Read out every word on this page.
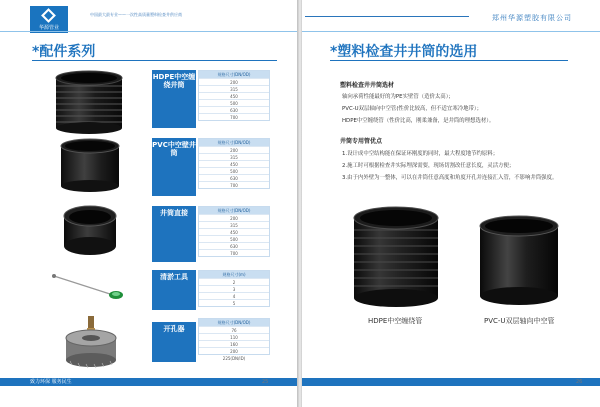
华源管业
中国最大最专业——一次性高质量塑料检查井供应商
*配件系列
HDPE中空缠绕井筒
规格尺寸(DN/OD)
200
315
450
500
630
700
PVC中空壁井筒
规格尺寸(DN/OD)
200
315
450
500
630
700
井筒直接	规格尺寸(DN/OD)
200
315
450
500
630
700
清淤工具	规格尺寸(m)
2
3
4
5
开孔器
规格尺寸(DN/OD)
76
110
160
200
225(DN/ID)
致力环保 服务民生	25
郑州华源塑胶有限公司
*塑料检查井井筒的选用
塑料检查井井筒选材
轴向承荷性能最好的为PE实壁管（造价太高）；
PVC-U双层轴向中空管(性价比较高，但不适宜寒冷地带）；
HDPE中空缠绕管（性价比高，刚柔兼备，是井筒的理想选材）。
井筒专用管优点
1.设计成中空结构能在保证环刚度的同时，最大程度地节约原料；
2.施工时可根据检查井实际埋深需要，现场切割改任意长度，灵活方便；
3.由于内外壁为一整体，可以在井筒任意高度和角度开孔并连接汇入管，不影响井筒强度。
HDPE中空缠绕管	PVC-U双层轴向中空管
26
